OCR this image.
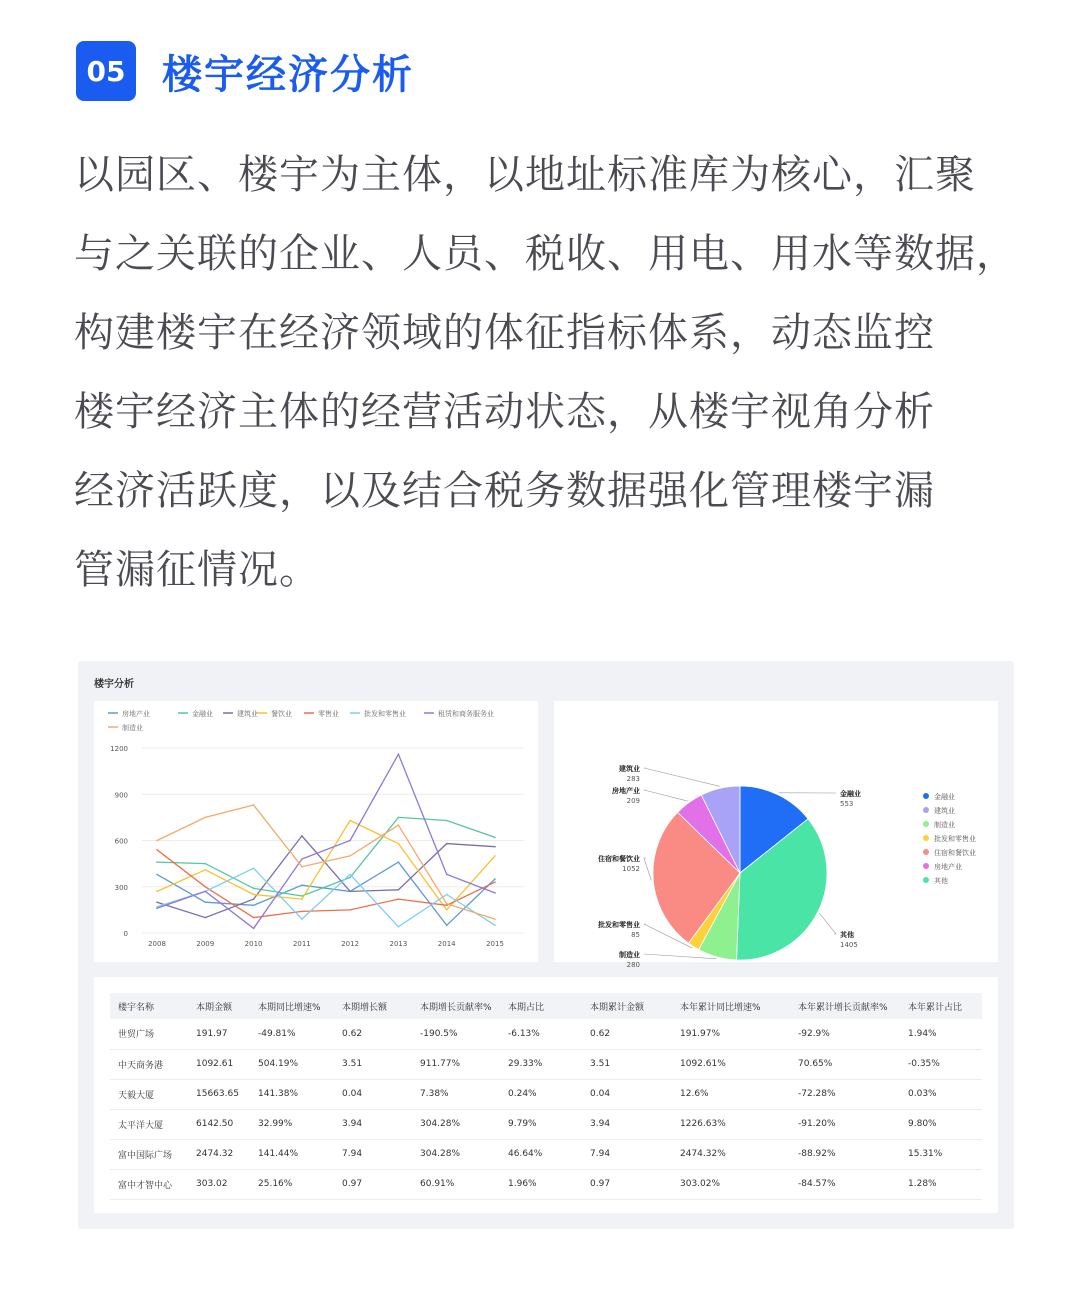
05 楼宇经济分析
以园区、楼宇为主体，以地址标准库为核心，汇聚
与之关联的企业、人员、税收、用电、用水等数据，
构建楼宇在经济领域的体征指标体系，动态监控
楼宇经济主体的经营活动状态，从楼宇视角分析
经济活跃度，以及结合税务数据强化管理楼宇漏
管漏征情况。
楼宇分析
房地产业	金融业	建筑业 餐饮业	零售业	批发和零售业	租赁和商务服务业
制造业
1200
900
600
300
0
2008	2009	2010	2011	2012	2013	2014	2015
金融业
553
其他
1405
制造业
280
批发和零售业
85
住宿和餐饮业
1052
房地产业
209
建筑业
283
金融业
建筑业
制造业
批发和零售业
住宿和餐饮业
房地产业
其他
楼宇名称	本期金额	本期同比增速%	本期增长额	本期增长贡献率%	本期占比	本期累计金额	本年累计同比增速%	本年累计增长贡献率%	本年累计占比
世贸广场	191.97	-49.81%	0.62	-190.5%	-6.13%	0.62	191.97%	-92.9%	1.94%
中天商务港	1092.61	504.19%	3.51	911.77%	29.33%	3.51	1092.61%	70.65%	-0.35%
天毅大厦	15663.65	141.38%	0.04	7.38%	0.24%	0.04	12.6%	-72.28%	0.03%
太平洋大厦	6142.50	32.99%	3.94	304.28%	9.79%	3.94	1226.63%	-91.20%	9.80%
富中国际广场	2474.32	141.44%	7.94	304.28%	46.64%	7.94	2474.32%	-88.92%	15.31%
富中才智中心	303.02	25.16%	0.97	60.91%	1.96%	0.97	303.02%	-84.57%	1.28%
